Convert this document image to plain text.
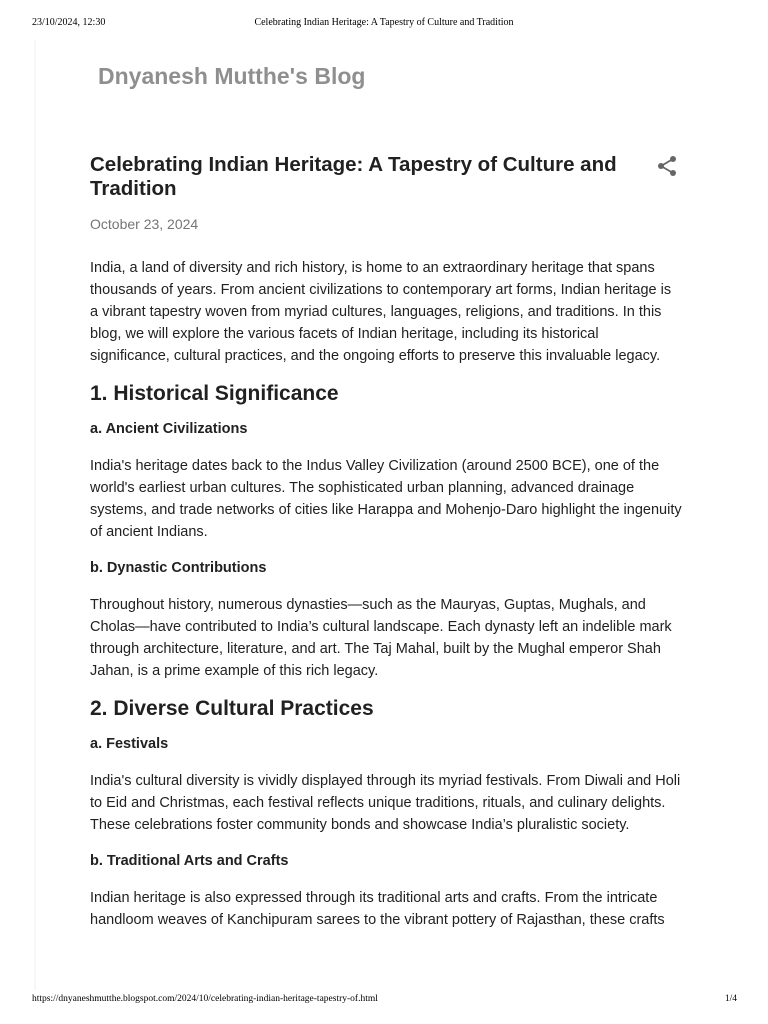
23/10/2024, 12:30	Celebrating Indian Heritage: A Tapestry of Culture and Tradition
Dnyanesh Mutthe's Blog
Celebrating Indian Heritage: A Tapestry of Culture and Tradition
October 23, 2024

India, a land of diversity and rich history, is home to an extraordinary heritage that spans thousands of years. From ancient civilizations to contemporary art forms, Indian heritage is a vibrant tapestry woven from myriad cultures, languages, religions, and traditions. In this blog, we will explore the various facets of Indian heritage, including its historical significance, cultural practices, and the ongoing efforts to preserve this invaluable legacy.

1. Historical Significance
a. Ancient Civilizations

India's heritage dates back to the Indus Valley Civilization (around 2500 BCE), one of the world's earliest urban cultures. The sophisticated urban planning, advanced drainage systems, and trade networks of cities like Harappa and Mohenjo-Daro highlight the ingenuity of ancient Indians.

b. Dynastic Contributions

Throughout history, numerous dynasties—such as the Mauryas, Guptas, Mughals, and Cholas—have contributed to India’s cultural landscape. Each dynasty left an indelible mark through architecture, literature, and art. The Taj Mahal, built by the Mughal emperor Shah Jahan, is a prime example of this rich legacy.

2. Diverse Cultural Practices
a. Festivals

India's cultural diversity is vividly displayed through its myriad festivals. From Diwali and Holi to Eid and Christmas, each festival reflects unique traditions, rituals, and culinary delights. These celebrations foster community bonds and showcase India’s pluralistic society.

b. Traditional Arts and Crafts

Indian heritage is also expressed through its traditional arts and crafts. From the intricate handloom weaves of Kanchipuram sarees to the vibrant pottery of Rajasthan, these crafts

https://dnyaneshmutthe.blogspot.com/2024/10/celebrating-indian-heritage-tapestry-of.html	1/4
